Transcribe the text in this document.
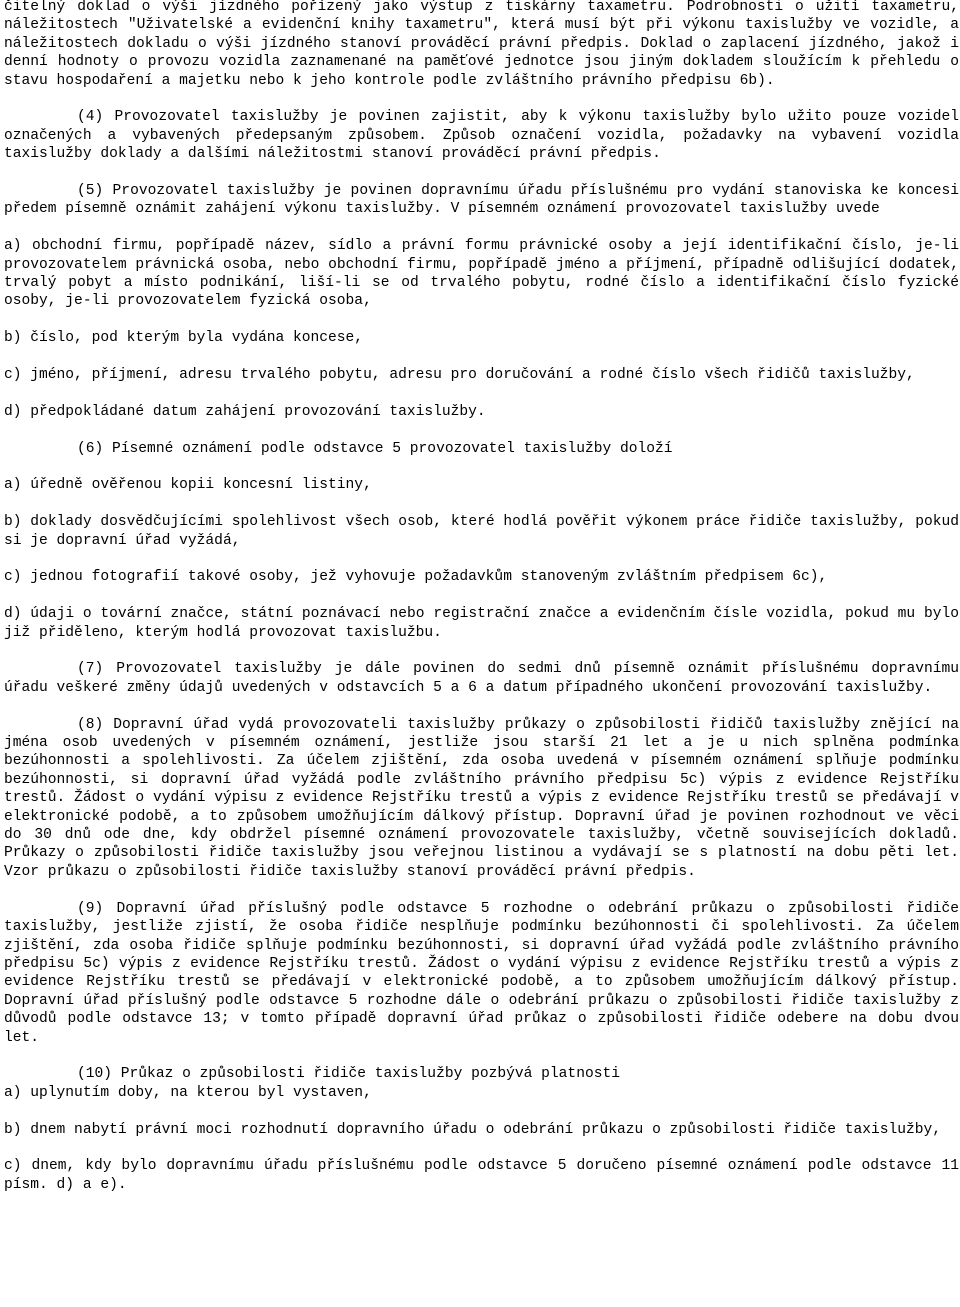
čitelný doklad o výši jízdného pořízený jako výstup z tiskárny taxametru. Podrobnosti o užití taxametru, náležitostech "Uživatelské a evidenční knihy taxametru", která musí být při výkonu taxislužby ve vozidle, a náležitostech dokladu o výši jízdného stanoví prováděcí právní předpis. Doklad o zaplacení jízdného, jakož i denní hodnoty o provozu vozidla zaznamenané na paměťové jednotce jsou jiným dokladem sloužícím k přehledu o stavu hospodaření a majetku nebo k jeho kontrole podle zvláštního právního předpisu 6b).

(4) Provozovatel taxislužby je povinen zajistit, aby k výkonu taxislužby bylo užito pouze vozidel označených a vybavených předepsaným způsobem. Způsob označení vozidla, požadavky na vybavení vozidla taxislužby doklady a dalšími náležitostmi stanoví prováděcí právní předpis.

(5) Provozovatel taxislužby je povinen dopravnímu úřadu příslušnému pro vydání stanoviska ke koncesi předem písemně oznámit zahájení výkonu taxislužby. V písemném oznámení provozovatel taxislužby uvede

a) obchodní firmu, popřípadě název, sídlo a právní formu právnické osoby a její identifikační číslo, je-li provozovatelem právnická osoba, nebo obchodní firmu, popřípadě jméno a příjmení, případně odlišující dodatek, trvalý pobyt a místo podnikání, liší-li se od trvalého pobytu, rodné číslo a identifikační číslo fyzické osoby, je-li provozovatelem fyzická osoba,

b) číslo, pod kterým byla vydána koncese,

c) jméno, příjmení, adresu trvalého pobytu, adresu pro doručování a rodné číslo všech řidičů taxislužby,

d) předpokládané datum zahájení provozování taxislužby.

(6) Písemné oznámení podle odstavce 5 provozovatel taxislužby doloží

a) úředně ověřenou kopii koncesní listiny,

b) doklady dosvědčujícími spolehlivost všech osob, které hodlá pověřit výkonem práce řidiče taxislužby, pokud si je dopravní úřad vyžádá,

c) jednou fotografií takové osoby, jež vyhovuje požadavkům stanoveným zvláštním předpisem 6c),

d) údaji o tovární značce, státní poznávací nebo registrační značce a evidenčním čísle vozidla, pokud mu bylo již přiděleno, kterým hodlá provozovat taxislužbu.

(7) Provozovatel taxislužby je dále povinen do sedmi dnů písemně oznámit příslušnému dopravnímu úřadu veškeré změny údajů uvedených v odstavcích 5 a 6 a datum případného ukončení provozování taxislužby.

(8) Dopravní úřad vydá provozovateli taxislužby průkazy o způsobilosti řidičů taxislužby znějící na jména osob uvedených v písemném oznámení, jestliže jsou starší 21 let a je u nich splněna podmínka bezúhonnosti a spolehlivosti. Za účelem zjištění, zda osoba uvedená v písemném oznámení splňuje podmínku bezúhonnosti, si dopravní úřad vyžádá podle zvláštního právního předpisu 5c) výpis z evidence Rejstříku trestů. Žádost o vydání výpisu z evidence Rejstříku trestů a výpis z evidence Rejstříku trestů se předávají v elektronické podobě, a to způsobem umožňujícím dálkový přístup. Dopravní úřad je povinen rozhodnout ve věci do 30 dnů ode dne, kdy obdržel písemné oznámení provozovatele taxislužby, včetně souvisejících dokladů. Průkazy o způsobilosti řidiče taxislužby jsou veřejnou listinou a vydávají se s platností na dobu pěti let. Vzor průkazu o způsobilosti řidiče taxislužby stanoví prováděcí právní předpis.

(9) Dopravní úřad příslušný podle odstavce 5 rozhodne o odebrání průkazu o způsobilosti řidiče taxislužby, jestliže zjistí, že osoba řidiče nesplňuje podmínku bezúhonnosti či spolehlivosti. Za účelem zjištění, zda osoba řidiče splňuje podmínku bezúhonnosti, si dopravní úřad vyžádá podle zvláštního právního předpisu 5c) výpis z evidence Rejstříku trestů. Žádost o vydání výpisu z evidence Rejstříku trestů a výpis z evidence Rejstříku trestů se předávají v elektronické podobě, a to způsobem umožňujícím dálkový přístup. Dopravní úřad příslušný podle odstavce 5 rozhodne dále o odebrání průkazu o způsobilosti řidiče taxislužby z důvodů podle odstavce 13; v tomto případě dopravní úřad průkaz o způsobilosti řidiče odebere na dobu dvou let.

(10) Průkaz o způsobilosti řidiče taxislužby pozbývá platnosti

a) uplynutím doby, na kterou byl vystaven,

b) dnem nabytí právní moci rozhodnutí dopravního úřadu o odebrání průkazu o způsobilosti řidiče taxislužby,

c) dnem, kdy bylo dopravnímu úřadu příslušnému podle odstavce 5 doručeno písemné oznámení podle odstavce 11 písm. d) a e).
